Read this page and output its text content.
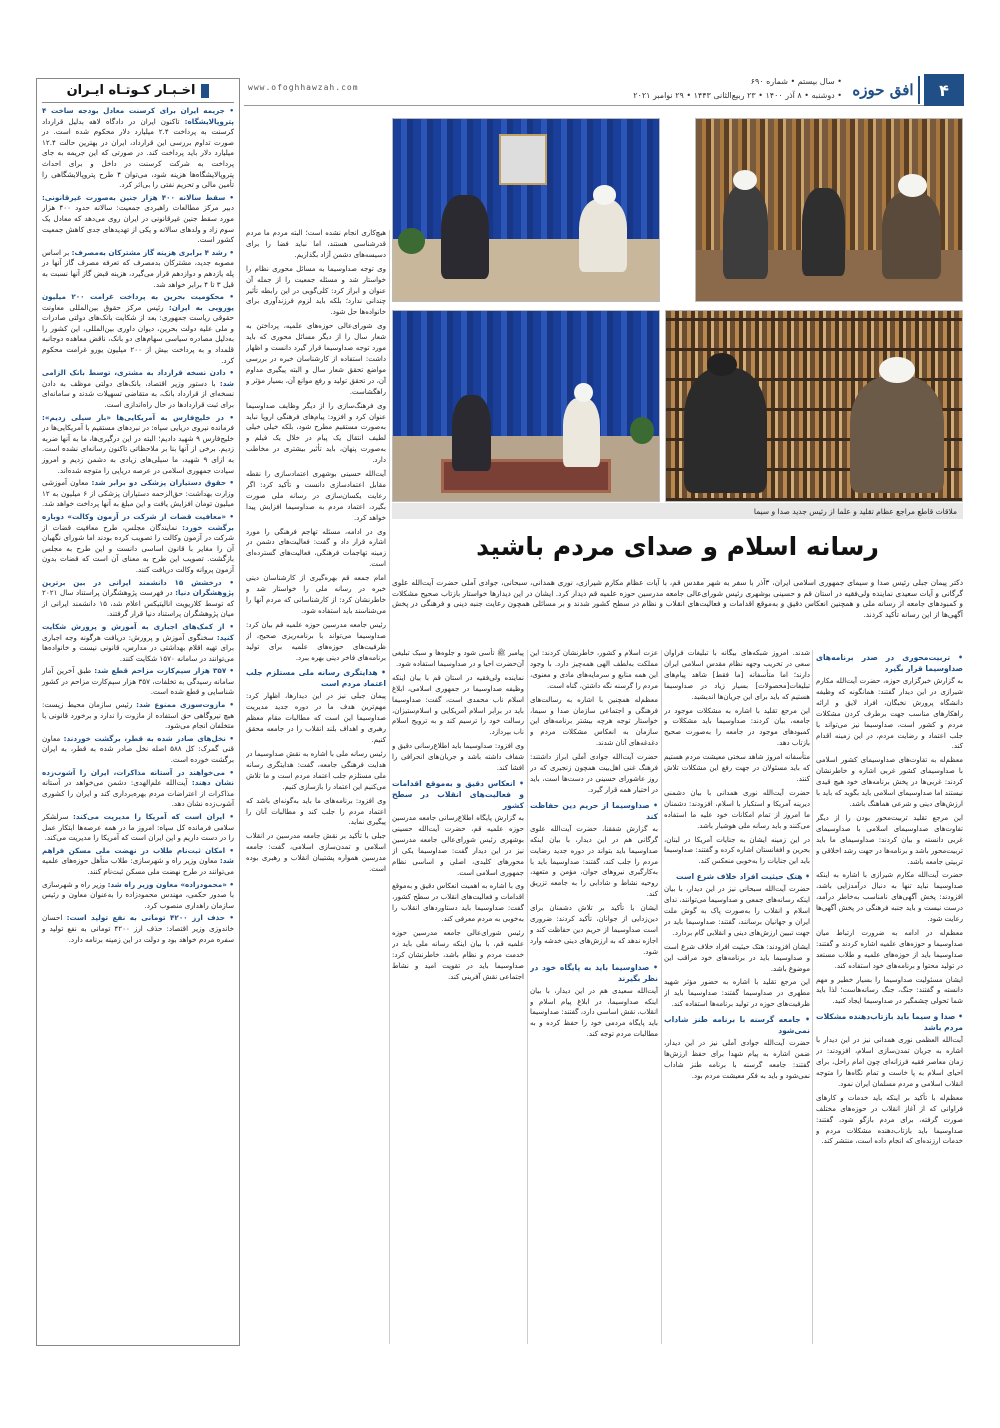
۴
افق حوزه
• سال بیستم • شماره ۶۹۰
• دوشنبه • ۸ آذر ۱۴۰۰ • ۲۳ ربیع‌الثانی ۱۴۴۳ • ۲۹ نوامبر ۲۰۲۱
www.ofoghhawzah.com
اخـبـار کـوتـاه ایـران
• جریمه ایران برای کرسنت معادل بودجه ساخت ۴ پتروپالایشگاه: تاکنون ایران در دادگاه لاهه بدلیل قرارداد کرسنت به پرداخت ۲.۴ میلیارد دلار محکوم شده است. در صورت تداوم بررسی این قرارداد، ایران در بهترین حالت ۱۲.۴ میلیارد دلار باید پرداخت کند. در صورتی که این جریمه به جای پرداخت به شرکت کرسنت در داخل و برای احداث پتروپالایشگاه‌ها هزینه شود، می‌توان ۴ طرح پتروپالایشگاهی را تأمین مالی و تحریم نفتی را بی‌اثر کرد.
• سقط سالانه ۴۰۰ هزار جنین به‌صورت غیرقانونی: دبیر مرکز مطالعات راهبردی جمعیت: سالانه حدود ۴۰۰ هزار مورد سقط جنین غیرقانونی در ایران روی می‌دهد که معادل یک سوم زاد و ولدهای سالانه و یکی از تهدیدهای جدی کاهش جمعیت کشور است.
• رشد ۴ برابری هزینه گاز مشترکان به‌مصرف: بر اساس مصوبه جدید، مشترکان بدمصرف که تعرفه مصرف گاز آنها در پله یازدهم و دوازدهم قرار می‌گیرد، هزینه قبض گاز آنها نسبت به قبل ۳ تا ۴ برابر خواهد شد.
• محکومیت بحرین به پرداخت غرامت ۲۰۰ میلیون یورویی به ایران: رئیس مرکز حقوق بین‌المللی معاونت حقوقی ریاست جمهوری: بعد از شکایت بانک‌های دولتی صادرات و ملی علیه دولت بحرین، دیوان داوری بین‌المللی، این کشور را به‌دلیل مصادره سیاسی سهام‌های دو بانک، ناقض معاهده دوجانبه قلمداد و به پرداخت بیش از ۲۰۰ میلیون یورو غرامت محکوم کرد.
• دادن نسخه قرارداد به مشتری، توسط بانک الزامی شد: با دستور وزیر اقتصاد، بانک‌های دولتی موظف به دادن نسخه‌ای از قرارداد بانک، به متقاضی تسهیلات شدند و سامانه‌ای برای ثبت قراردادها در حال راه‌اندازی است.
• در خلیج‌فارس به آمریکایی‌ها «بار سیلی زدیم»: فرمانده نیروی دریایی سپاه: در نبردهای مستقیم با آمریکایی‌ها در خلیج‌فارس ۹ شهید دادیم؛ البته در این درگیری‌ها، ما به آنها ضربه زدیم. برخی از آنها بنا بر ملاحظاتی تاکنون رسانه‌ای نشده است. به ازای ۹ شهید، ما سیلی‌های زیادی به دشمن زدیم و امروز سیادت جمهوری اسلامی در عرصه دریایی را متوجه شده‌اند.
• حقوق دستیاران پزشکی دو برابر شد: معاون آموزشی وزارت بهداشت: حق‌الزحمه دستیاران پزشکی از ۶ میلیون به ۱۲ میلیون تومان افزایش یافت و این مبلغ به آنها پرداخت خواهد شد.
• «معافیت قضات از شرکت در آزمون وکالت» دوباره برگشت خورد: نمایندگان مجلس، طرح معافیت قضات از شرکت در آزمون وکالت را تصویب کرده بودند اما شورای نگهبان آن را مغایر با قانون اساسی دانست و این طرح به مجلس بازگشت. تصویب این طرح به معنای آن است که قضات بدون آزمون پروانه وکالت دریافت کنند.
• درخشش ۱۵ دانشمند ایرانی در بین برترین پژوهشگران دنیا: در فهرست پژوهشگران پراستناد سال ۲۰۲۱ که توسط کلاریویت انالیتیکس اعلام شد، ۱۵ دانشمند ایرانی از میان پژوهشگران پراستناد دنیا قرار گرفتند.
• از کمک‌های اجباری به آموزش و پرورش شکایت کنید: سخنگوی آموزش و پرورش: دریافت هرگونه وجه اجباری برای تهیه اقلام بهداشتی در مدارس، قانونی نیست و خانواده‌ها می‌توانند در سامانه ۱۵۷۰ شکایت کنند.
• ۳۵۷ هزار سیم‌کارت مزاحم قطع شد: طبق آخرین آمار سامانه رسیدگی به تخلفات، ۳۵۷ هزار سیم‌کارت مزاحم در کشور شناسایی و قطع شده است.
• مازوت‌سوزی ممنوع شد: رئیس سازمان محیط زیست: هیچ نیروگاهی حق استفاده از مازوت را ندارد و برخورد قانونی با متخلفان انجام می‌شود.
• نخل‌های صادر شده به قطر، برگشت خوردند: معاون قنی گمرک: کل ۵۸۸ اصله نخل صادر شده به قطر، به ایران برگشت خورده است.
• می‌خواهند در آستانه مذاکرات، ایران را آشوب‌زده نشان دهند: آیت‌الله علم‌الهدی: دشمن می‌خواهد در آستانه مذاکرات از اعتراضات مردم بهره‌برداری کند و ایران را کشوری آشوب‌زده نشان دهد.
• ایران است که آمریکا را مدیریت می‌کند: سرلشکر سلامی فرمانده کل سپاه: امروز ما در همه عرصه‌ها ابتکار عمل را در دست داریم و این ایران است که آمریکا را مدیریت می‌کند.
• امکان ثبت‌نام طلاب در نهضت ملی مسکن فراهم شد: معاون وزیر راه و شهرسازی: طلاب متأهل حوزه‌های علمیه می‌توانند در طرح نهضت ملی مسکن ثبت‌نام کنند.
• «محمودزاده» معاون وزیر راه شد: وزیر راه و شهرسازی با صدور حکمی، مهندس محمودزاده را به‌عنوان معاون و رئیس سازمان راهداری منصوب کرد.
• حذف ارز ۴۲۰۰ تومانی به نفع تولید است: احسان خاندوزی وزیر اقتصاد: حذف ارز ۴۲۰۰ تومانی به نفع تولید و سفره مردم خواهد بود و دولت در این زمینه برنامه دارد.
ملاقات قاطع مراجع عظام تقلید و علما از رئیس جدید صدا و سیما
رسانه اسلام و صدای مردم باشید
دکتر پیمان جبلی رئیس صدا و سیمای جمهوری اسلامی ایران، ۳آذر با سفر به شهر مقدس قم، با آیات عظام مکارم شیرازی، نوری همدانی، سبحانی، جوادی آملی حضرت آیت‌الله علوی گرگانی و آیات سعیدی نماینده ولی‌فقیه در استان قم و حسینی بوشهری رئیس شورای‌عالی جامعه مدرسین حوزه علمیه قم دیدار کرد. ایشان در این دیدارها خواستار بازتاب صحیح مشکلات و کمبودهای جامعه از رسانه ملی و همچنین انعکاس دقیق و به‌موقع اقدامات و فعالیت‌های انقلاب و نظام در سطح کشور شدند و بر مسائلی همچون رعایت جنبه دینی و فرهنگی در پخش آگهی‌ها از این رسانه تأکید کردند.
• تربیت‌محوری در صدر برنامه‌های صداوسیما قرار بگیرد

به گزارش خبرگزاری حوزه، حضرت آیت‌الله مکارم شیرازی در این دیدار گفتند: همانگونه که وظیفه دانشگاه پرورش نخبگان، افراد لایق و ارائه راهکارهای مناسب جهت برطرف کردن مشکلات مردم و کشور است، صداوسیما نیز می‌تواند با جلب اعتماد و رضایت مردم، در این زمینه اقدام کند.

معظم‌له به تفاوت‌های صداوسیمای کشور اسلامی با صداوسیمای کشور غربی اشاره و خاطرنشان کردند: غربی‌ها در پخش برنامه‌های خود هیچ قیدی نیستند اما صداوسیمای اسلامی باید بگوید که باید با ارزش‌های دینی و شرعی هماهنگ باشد.

این مرجع تقلید تربیت‌محور بودن را از دیگر تفاوت‌های صداوسیمای اسلامی با صداوسیمای غربی دانسته و بیان کردند: صداوسیمای ما باید تربیت‌محور باشد و برنامه‌ها در جهت رشد اخلاقی و تربیتی جامعه باشد.

حضرت آیت‌الله مکارم شیرازی با اشاره به اینکه صداوسیما نباید تنها به دنبال درآمدزایی باشد، افزودند: پخش آگهی‌های نامناسب به‌خاطر درآمد، درست نیست و باید جنبه فرهنگی در پخش آگهی‌ها رعایت شود.

معظم‌له در ادامه به ضرورت ارتباط میان صداوسیما و حوزه‌های علمیه اشاره کردند و گفتند: صداوسیما باید از حوزه‌های علمیه و طلاب مستعد در تولید محتوا و برنامه‌های خود استفاده کند.

ایشان مسئولیت صداوسیما را بسیار خطیر و مهم دانسته و گفتند: جنگ، جنگ رسانه‌هاست؛ لذا باید شما تحولی چشمگیر در صداوسیما ایجاد کنید.

• صدا و سیما باید بازتاب‌دهنده مشکلات مردم باشد

آیت‌الله العظمی نوری همدانی نیز در این دیدار با اشاره به جریان تمدن‌سازی اسلام، افزودند: در زمان معاصر فقیه فرزانه‌ای چون امام راحل، برای احیای اسلام به پا خاست و تمام نگاه‌ها را متوجه انقلاب اسلامی و مردم مسلمان ایران نمود.

معظم‌له با تأکید بر اینکه باید خدمات و کارهای فراوانی که از آغاز انقلاب در حوزه‌های مختلف صورت گرفته، برای مردم بازگو شود، گفتند: صداوسیما باید بازتاب‌دهنده مشکلات مردم و خدمات ارزنده‌ای که انجام داده است، منتشر کند.

شدند. امروز شبکه‌های بیگانه با تبلیغات فراوان سعی در تخریب وجهه نظام مقدس اسلامی ایران دارند؛ اما متأسفانه [ما فقط] شاهد پیام‌های تبلیغات[محصولات] بسیار زیاد در صداوسیما هستیم که باید برای این جریان‌ها اندیشید.

این مرجع تقلید با اشاره به مشکلات موجود در جامعه، بیان کردند: صداوسیما باید مشکلات و کمبودهای موجود در جامعه را به‌صورت صحیح بازتاب دهد.

متأسفانه امروز شاهد سختی معیشت مردم هستیم که باید مسئولان در جهت رفع این مشکلات تلاش کنند.

حضرت آیت‌الله نوری همدانی با بیان دشمنی دیرینه آمریکا و استکبار با اسلام، افزودند: دشمنان ما امروز از تمام امکانات خود علیه ما استفاده می‌کنند و باید رسانه ملی هوشیار باشد.

در این زمینه ایشان به جنایات آمریکا در لبنان، بحرین و افغانستان اشاره کرده و گفتند: صداوسیما باید این جنایات را به‌خوبی منعکس کند.

• هتک حیثیت افراد خلاف شرع است

حضرت آیت‌الله سبحانی نیز در این دیدار، با بیان اینکه رسانه‌های جمعی و صداوسیما می‌توانند، ندای اسلام و انقلاب را به‌صورت پاک به گوش ملت ایران و جهانیان برسانند، گفتند: صداوسیما باید در جهت تبیین ارزش‌های دینی و انقلابی گام بردارد.

ایشان افزودند: هتک حیثیت افراد خلاف شرع است و صداوسیما باید در برنامه‌های خود مراقب این موضوع باشد.

این مرجع تقلید با اشاره به حضور مؤثر شهید مطهری در صداوسیما گفتند: صداوسیما باید از ظرفیت‌های حوزه در تولید برنامه‌ها استفاده کند.

• جامعه گرسنه با برنامه طنز شاداب نمی‌شود

حضرت آیت‌الله جوادی آملی نیز در این دیدار، ضمن اشاره به پیام شهدا برای حفظ ارزش‌ها گفتند: جامعه گرسنه با برنامه طنز شاداب نمی‌شود و باید به فکر معیشت مردم بود.

عزت اسلام و کشور، خاطرنشان کردند: این مملکت به‌لطف الهی همه‌چیز دارد. با وجود این همه منابع و سرمایه‌های مادی و معنوی، مردم را گرسنه نگه داشتن، گناه است.

معظم‌له همچنین با اشاره به رسالت‌های فرهنگی و اجتماعی سازمان صدا و سیما، خواستار توجه هرچه بیشتر برنامه‌های این سازمان به انعکاس مشکلات مردم و دغدغه‌های آنان شدند.

حضرت آیت‌الله جوادی آملی ابراز داشتند: فرهنگ غنی اهل‌بیت همچون زنجیری که در روز عاشورای حسینی در دست‌ها است، باید در اختیار همه قرار گیرد.

• صداوسیما از حریم دین حفاظت کند

به گزارش شفقنا، حضرت آیت‌الله علوی گرگانی هم در این دیدار، با بیان اینکه صداوسیما باید بتواند در دوره جدید رضایت مردم را جلب کند، گفتند: صداوسیما باید با به‌کارگیری نیروهای جوان، مؤمن و متعهد، روحیه نشاط و شادابی را به جامعه تزریق کند.

ایشان با تأکید بر تلاش دشمنان برای دین‌زدایی از جوانان، تأکید کردند: ضروری است صداوسیما از حریم دین حفاظت کند و اجازه ندهد که به ارزش‌های دینی خدشه وارد شود.

• صداوسیما باید به پایگاه خود در نظر بگیرند

آیت‌الله سعیدی هم در این دیدار، با بیان اینکه صداوسیما، در ابلاغ پیام اسلام و انقلاب، نقش اساسی دارد، گفتند: صداوسیما باید پایگاه مردمی خود را حفظ کرده و به مطالبات مردم توجه کند.

پیامبر ﷺ تأسی شود و جلوه‌ها و سبک تبلیغی آن‌حضرت احیا و در صداوسیما استفاده شود.

نماینده ولی‌فقیه در استان قم با بیان اینکه وظیفه صداوسیما در جمهوری اسلامی، ابلاغ اسلام ناب محمدی است، گفت: صداوسیما باید در برابر اسلام آمریکایی و اسلام‌ستیزان، رسالت خود را ترسیم کند و به ترویج اسلام ناب بپردازد.

وی افزود: صداوسیما باید اطلاع‌رسانی دقیق و شفاف داشته باشد و جریان‌های انحرافی را افشا کند.

• انعکاس دقیق و به‌موقع اقدامات و فعالیت‌های انقلاب در سطح کشور

به گزارش پایگاه اطلاع‌رسانی جامعه مدرسین حوزه علمیه قم، حضرت آیت‌الله حسینی بوشهری رئیس شورای‌عالی جامعه مدرسین نیز در این دیدار گفت: صداوسیما یکی از محورهای کلیدی، اصلی و اساسی نظام جمهوری اسلامی است.

وی با اشاره به اهمیت انعکاس دقیق و به‌موقع اقدامات و فعالیت‌های انقلاب در سطح کشور، گفت: صداوسیما باید دستاوردهای انقلاب را به‌خوبی به مردم معرفی کند.

رئیس شورای‌عالی جامعه مدرسین حوزه علمیه قم، با بیان اینکه رسانه ملی باید در خدمت مردم و نظام باشد، خاطرنشان کرد: صداوسیما باید در تقویت امید و نشاط اجتماعی نقش آفرینی کند.

هیچ‌کاری انجام نشده است؛ البته مردم ما مردم قدرشناسی هستند، اما نباید فضا را برای دسیسه‌های دشمن آزاد بگذاریم.

وی توجه صداوسیما به مسائل محوری نظام را خواستار شد و مسئله جمعیت را از جمله آن عنوان و ابراز کرد: کلی‌گویی در این رابطه تأثیر چندانی ندارد؛ بلکه باید لزوم فرزندآوری برای خانواده‌ها حل شود.

وی شورای‌عالی حوزه‌های علمیه، پرداختن به شعار سال را از دیگر مسائل محوری که باید مورد توجه صداوسیما قرار گیرد دانست و اظهار داشت: استفاده از کارشناسان خبره در بررسی مواضع تحقق شعار سال و البته پیگیری مداوم آن، در تحقق تولید و رفع موانع آن، بسیار مؤثر و راهگشاست.

وی فرهنگ‌سازی را از دیگر وظایف صداوسیما عنوان کرد و افزود: پیام‌های فرهنگی اروپا نباید به‌صورت مستقیم مطرح شود، بلکه خیلی خیلی لطیف انتقال یک پیام در خلال یک فیلم و به‌صورت پنهان، باید تأثیر بیشتری در مخاطب دارد.

آیت‌الله حسینی بوشهری اعتمادسازی را نقطه مقابل اعتمادسازی دانست و تأکید کرد: اگر رعایت یکسان‌سازی در رسانه ملی صورت بگیرد، اعتماد مردم به صداوسیما افزایش پیدا خواهد کرد.

وی در ادامه، مسئله تهاجم فرهنگی را مورد اشاره قرار داد و گفت: فعالیت‌های دشمن در زمینه تهاجمات فرهنگی، فعالیت‌های گسترده‌ای است.

امام جمعه قم بهره‌گیری از کارشناسان دینی خبره در رسانه ملی را خواستار شد و خاطرنشان کرد: از کارشناسانی که مردم آنها را می‌شناسند باید استفاده شود.

رئیس جامعه مدرسین حوزه علمیه قم بیان کرد: صداوسیما می‌تواند با برنامه‌ریزی صحیح، از ظرفیت‌های حوزه‌های علمیه برای تولید برنامه‌های فاخر دینی بهره ببرد.

• هدایتگری رسانه ملی مستلزم جلب اعتماد مردم است

پیمان جبلی نیز در این دیدارها، اظهار کرد: مهم‌ترین هدف ما در دوره جدید مدیریت صداوسیما این است که مطالبات مقام معظم رهبری و اهداف بلند انقلاب را در جامعه محقق کنیم.

رئیس رسانه ملی با اشاره به نقش صداوسیما در هدایت فرهنگی جامعه، گفت: هدایتگری رسانه ملی مستلزم جلب اعتماد مردم است و ما تلاش می‌کنیم این اعتماد را بازسازی کنیم.

وی افزود: برنامه‌های ما باید به‌گونه‌ای باشد که اعتماد مردم را جلب کند و مطالبات آنان را پیگیری نماید.

جبلی با تأکید بر نقش جامعه مدرسین در انقلاب اسلامی و تمدن‌سازی اسلامی، گفت: جامعه مدرسین همواره پشتیبان انقلاب و رهبری بوده است.
